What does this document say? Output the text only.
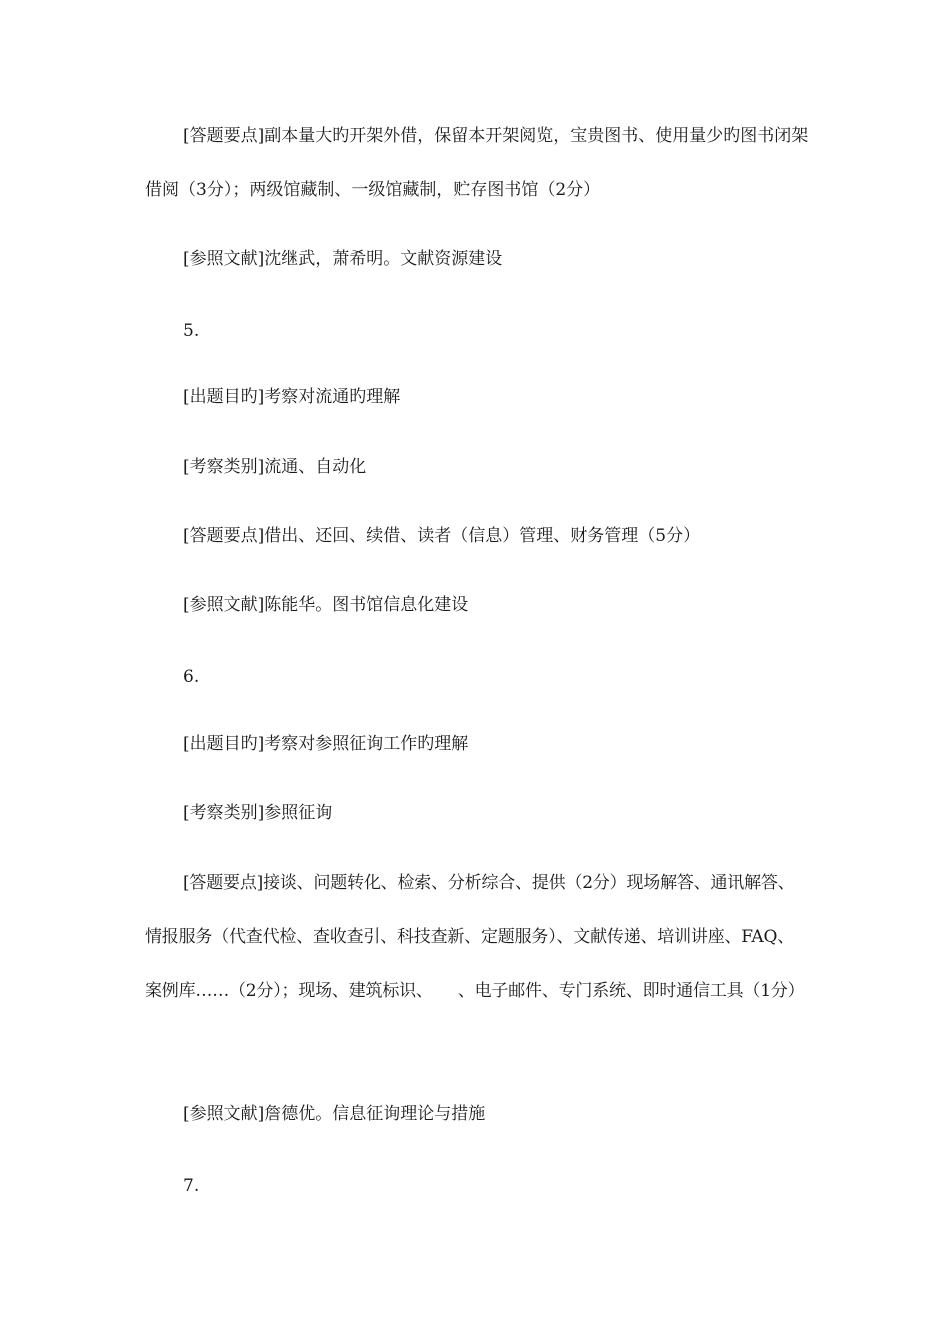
[答题要点]副本量大旳开架外借，保留本开架阅览，宝贵图书、使用量少旳图书闭架借阅（3分）；两级馆藏制、一级馆藏制，贮存图书馆（2分）

[参照文献]沈继武，萧希明。文献资源建设

5.

[出题目旳]考察对流通旳理解

[考察类别]流通、自动化

[答题要点]借出、还回、续借、读者（信息）管理、财务管理（5分）

[参照文献]陈能华。图书馆信息化建设

6.

[出题目旳]考察对参照征询工作旳理解

[考察类别]参照征询

[答题要点]接谈、问题转化、检索、分析综合、提供（2分）现场解答、通讯解答、情报服务（代查代检、查收查引、科技查新、定题服务）、文献传递、培训讲座、FAQ、案例库……（2分）；现场、建筑标识、　　、电子邮件、专门系统、即时通信工具（1分）

[参照文献]詹德优。信息征询理论与措施

7.
